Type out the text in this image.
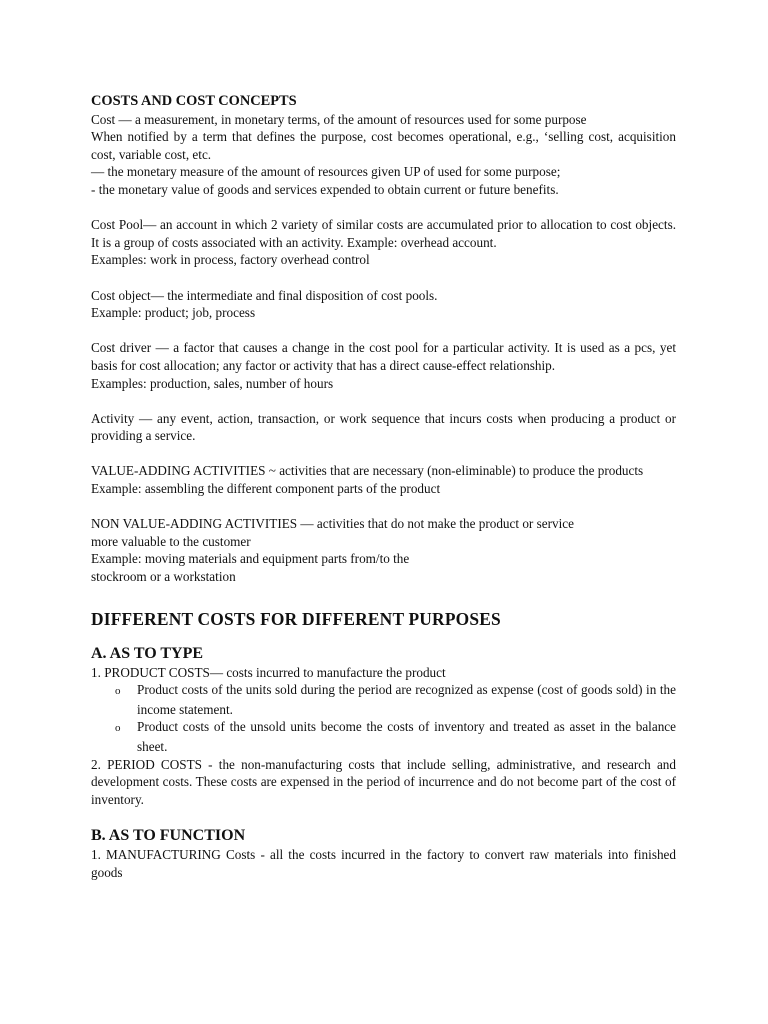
COSTS AND COST CONCEPTS

Cost — a measurement, in monetary terms, of the amount of resources used for some purpose

When notified by a term that defines the purpose, cost becomes operational, e.g., ‘selling cost, acquisition cost, variable cost, etc.

— the monetary measure of the amount of resources given UP of used for some purpose;

- the monetary value of goods and services expended to obtain current or future benefits.

Cost Pool— an account in which 2 variety of similar costs are accumulated prior to allocation to cost objects. It is a group of costs associated with an activity. Example: overhead account.

Examples: work in process, factory overhead control

Cost object— the intermediate and final disposition of cost pools.

Example: product; job, process

Cost driver — a factor that causes a change in the cost pool for a particular activity. It is used as a pcs, yet basis for cost allocation; any factor or activity that has a direct cause-effect relationship.

Examples: production, sales, number of hours

Activity — any event, action, transaction, or work sequence that incurs costs when producing a product or providing a service.

VALUE-ADDING ACTIVITIES ~ activities that are necessary (non-eliminable) to produce the products

Example: assembling the different component parts of the product

NON VALUE-ADDING ACTIVITIES — activities that do not make the product or service

more valuable to the customer

Example: moving materials and equipment parts from/to the

stockroom or a workstation

DIFFERENT COSTS FOR DIFFERENT PURPOSES

A. AS TO TYPE

1. PRODUCT COSTS— costs incurred to manufacture the product

o Product costs of the units sold during the period are recognized as expense (cost of goods sold) in the income statement.

o Product costs of the unsold units become the costs of inventory and treated as asset in the balance sheet.

2. PERIOD COSTS - the non-manufacturing costs that include selling, administrative, and research and development costs. These costs are expensed in the period of incurrence and do not become part of the cost of inventory.

B. AS TO FUNCTION

1. MANUFACTURING Costs - all the costs incurred in the factory to convert raw materials into finished goods
